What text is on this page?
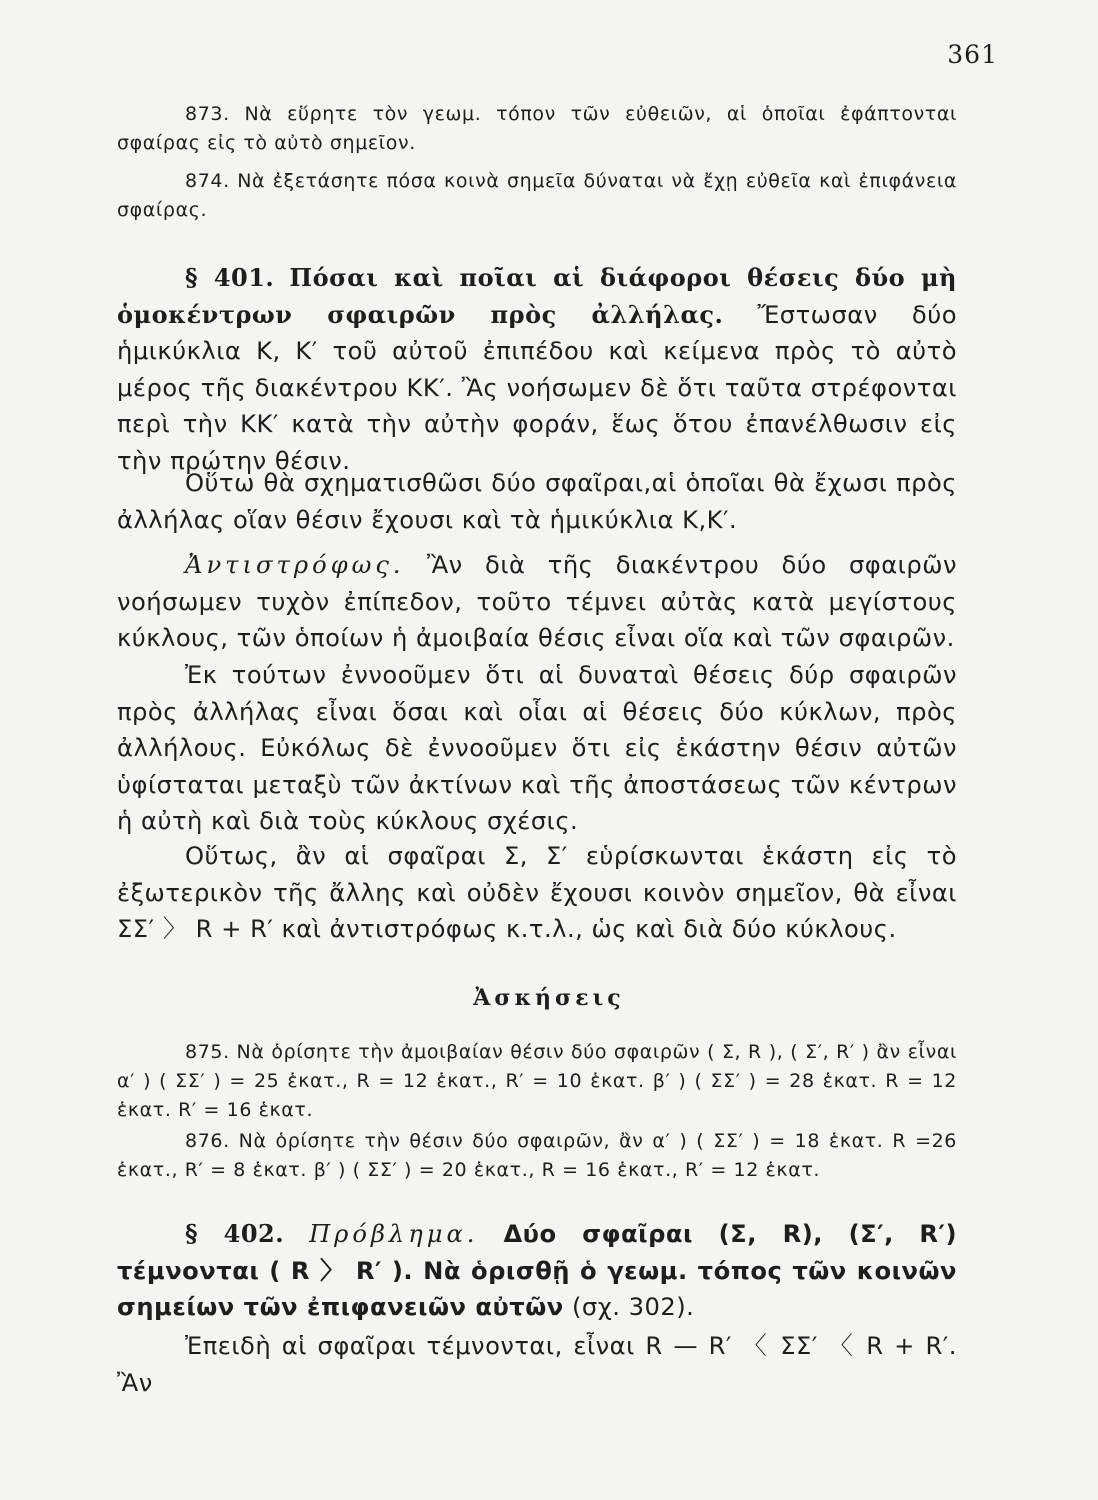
361

873. Νὰ εὕρητε τὸν γεωμ. τόπον τῶν εὐθειῶν, αἱ ὁποῖαι ἐφάπτονται σφαίρας εἰς τὸ αὐτὸ σημεῖον.

874. Νὰ ἐξετάσητε πόσα κοινὰ σημεῖα δύναται νὰ ἔχῃ εὐθεῖα καὶ ἐπιφάνεια σφαίρας.

§ 401. Πόσαι καὶ ποῖαι αἱ διάφοροι θέσεις δύο μὴ ὁμοκέντρων σφαιρῶν πρὸς ἀλλήλας. Ἔστωσαν δύο ἡμικύκλια Κ, Κ′ τοῦ αὐτοῦ ἐπιπέδου καὶ κείμενα πρὸς τὸ αὐτὸ μέρος τῆς διακέντρου ΚΚ′. Ἂς νοήσωμεν δὲ ὅτι ταῦτα στρέφονται περὶ τὴν ΚΚ′ κατὰ τὴν αὐτὴν φοράν, ἕως ὅτου ἐπανέλθωσιν εἰς τὴν πρώτην θέσιν.

Οὕτω θὰ σχηματισθῶσι δύο σφαῖραι,αἱ ὁποῖαι θὰ ἔχωσι πρὸς ἀλλήλας οἵαν θέσιν ἔχουσι καὶ τὰ ἡμικύκλια Κ,Κ′.

Ἀντιστρόφως. Ἂν διὰ τῆς διακέντρου δύο σφαιρῶν νοήσωμεν τυχὸν ἐπίπεδον, τοῦτο τέμνει αὐτὰς κατὰ μεγίστους κύκλους, τῶν ὁποίων ἡ ἀμοιβαία θέσις εἶναι οἵα καὶ τῶν σφαιρῶν.

Ἐκ τούτων ἐννοοῦμεν ὅτι αἱ δυναταὶ θέσεις δύρ σφαιρῶν πρὸς ἀλλήλας εἶναι ὅσαι καὶ οἷαι αἱ θέσεις δύο κύκλων, πρὸς ἀλλήλους. Εὐκόλως δὲ ἐννοοῦμεν ὅτι εἰς ἑκάστην θέσιν αὐτῶν ὑφίσταται μεταξὺ τῶν ἀκτίνων καὶ τῆς ἀποστάσεως τῶν κέντρων ἡ αὐτὴ καὶ διὰ τοὺς κύκλους σχέσις.

Οὕτως, ἂν αἱ σφαῖραι Σ, Σ′ εὑρίσκωνται ἑκάστη εἰς τὸ ἐξωτερικὸν τῆς ἄλλης καὶ οὐδὲν ἔχουσι κοινὸν σημεῖον, θὰ εἶναι ΣΣ′ 〉 R + R′ καὶ ἀντιστρόφως κ.τ.λ., ὡς καὶ διὰ δύο κύκλους.

Ἀσκήσεις

875. Νὰ ὁρίσητε τὴν ἀμοιβαίαν θέσιν δύο σφαιρῶν ( Σ, R ), ( Σ′, R′ ) ἂν εἶναι α′ ) ( ΣΣ′ ) = 25 ἑκατ., R = 12 ἑκατ., R′ = 10 ἑκατ. β′ ) ( ΣΣ′ ) = 28 ἑκατ. R = 12 ἑκατ. R′ = 16 ἑκατ.

876. Νὰ ὁρίσητε τὴν θέσιν δύο σφαιρῶν, ἂν α′ ) ( ΣΣ′ ) = 18 ἑκατ. R =26 ἑκατ., R′ = 8 ἑκατ. β′ ) ( ΣΣ′ ) = 20 ἑκατ., R = 16 ἑκατ., R′ = 12 ἑκατ.

§ 402. Πρόβλημα. Δύο σφαῖραι (Σ, R), (Σ′, R′) τέμνονται ( R 〉 R′ ). Νὰ ὁρισθῇ ὁ γεωμ. τόπος τῶν κοινῶν σημείων τῶν ἐπιφανειῶν αὐτῶν (σχ. 302).

Ἐπειδὴ αἱ σφαῖραι τέμνονται, εἶναι R — R′ 〈 ΣΣ′ 〈 R + R′. Ἂν
